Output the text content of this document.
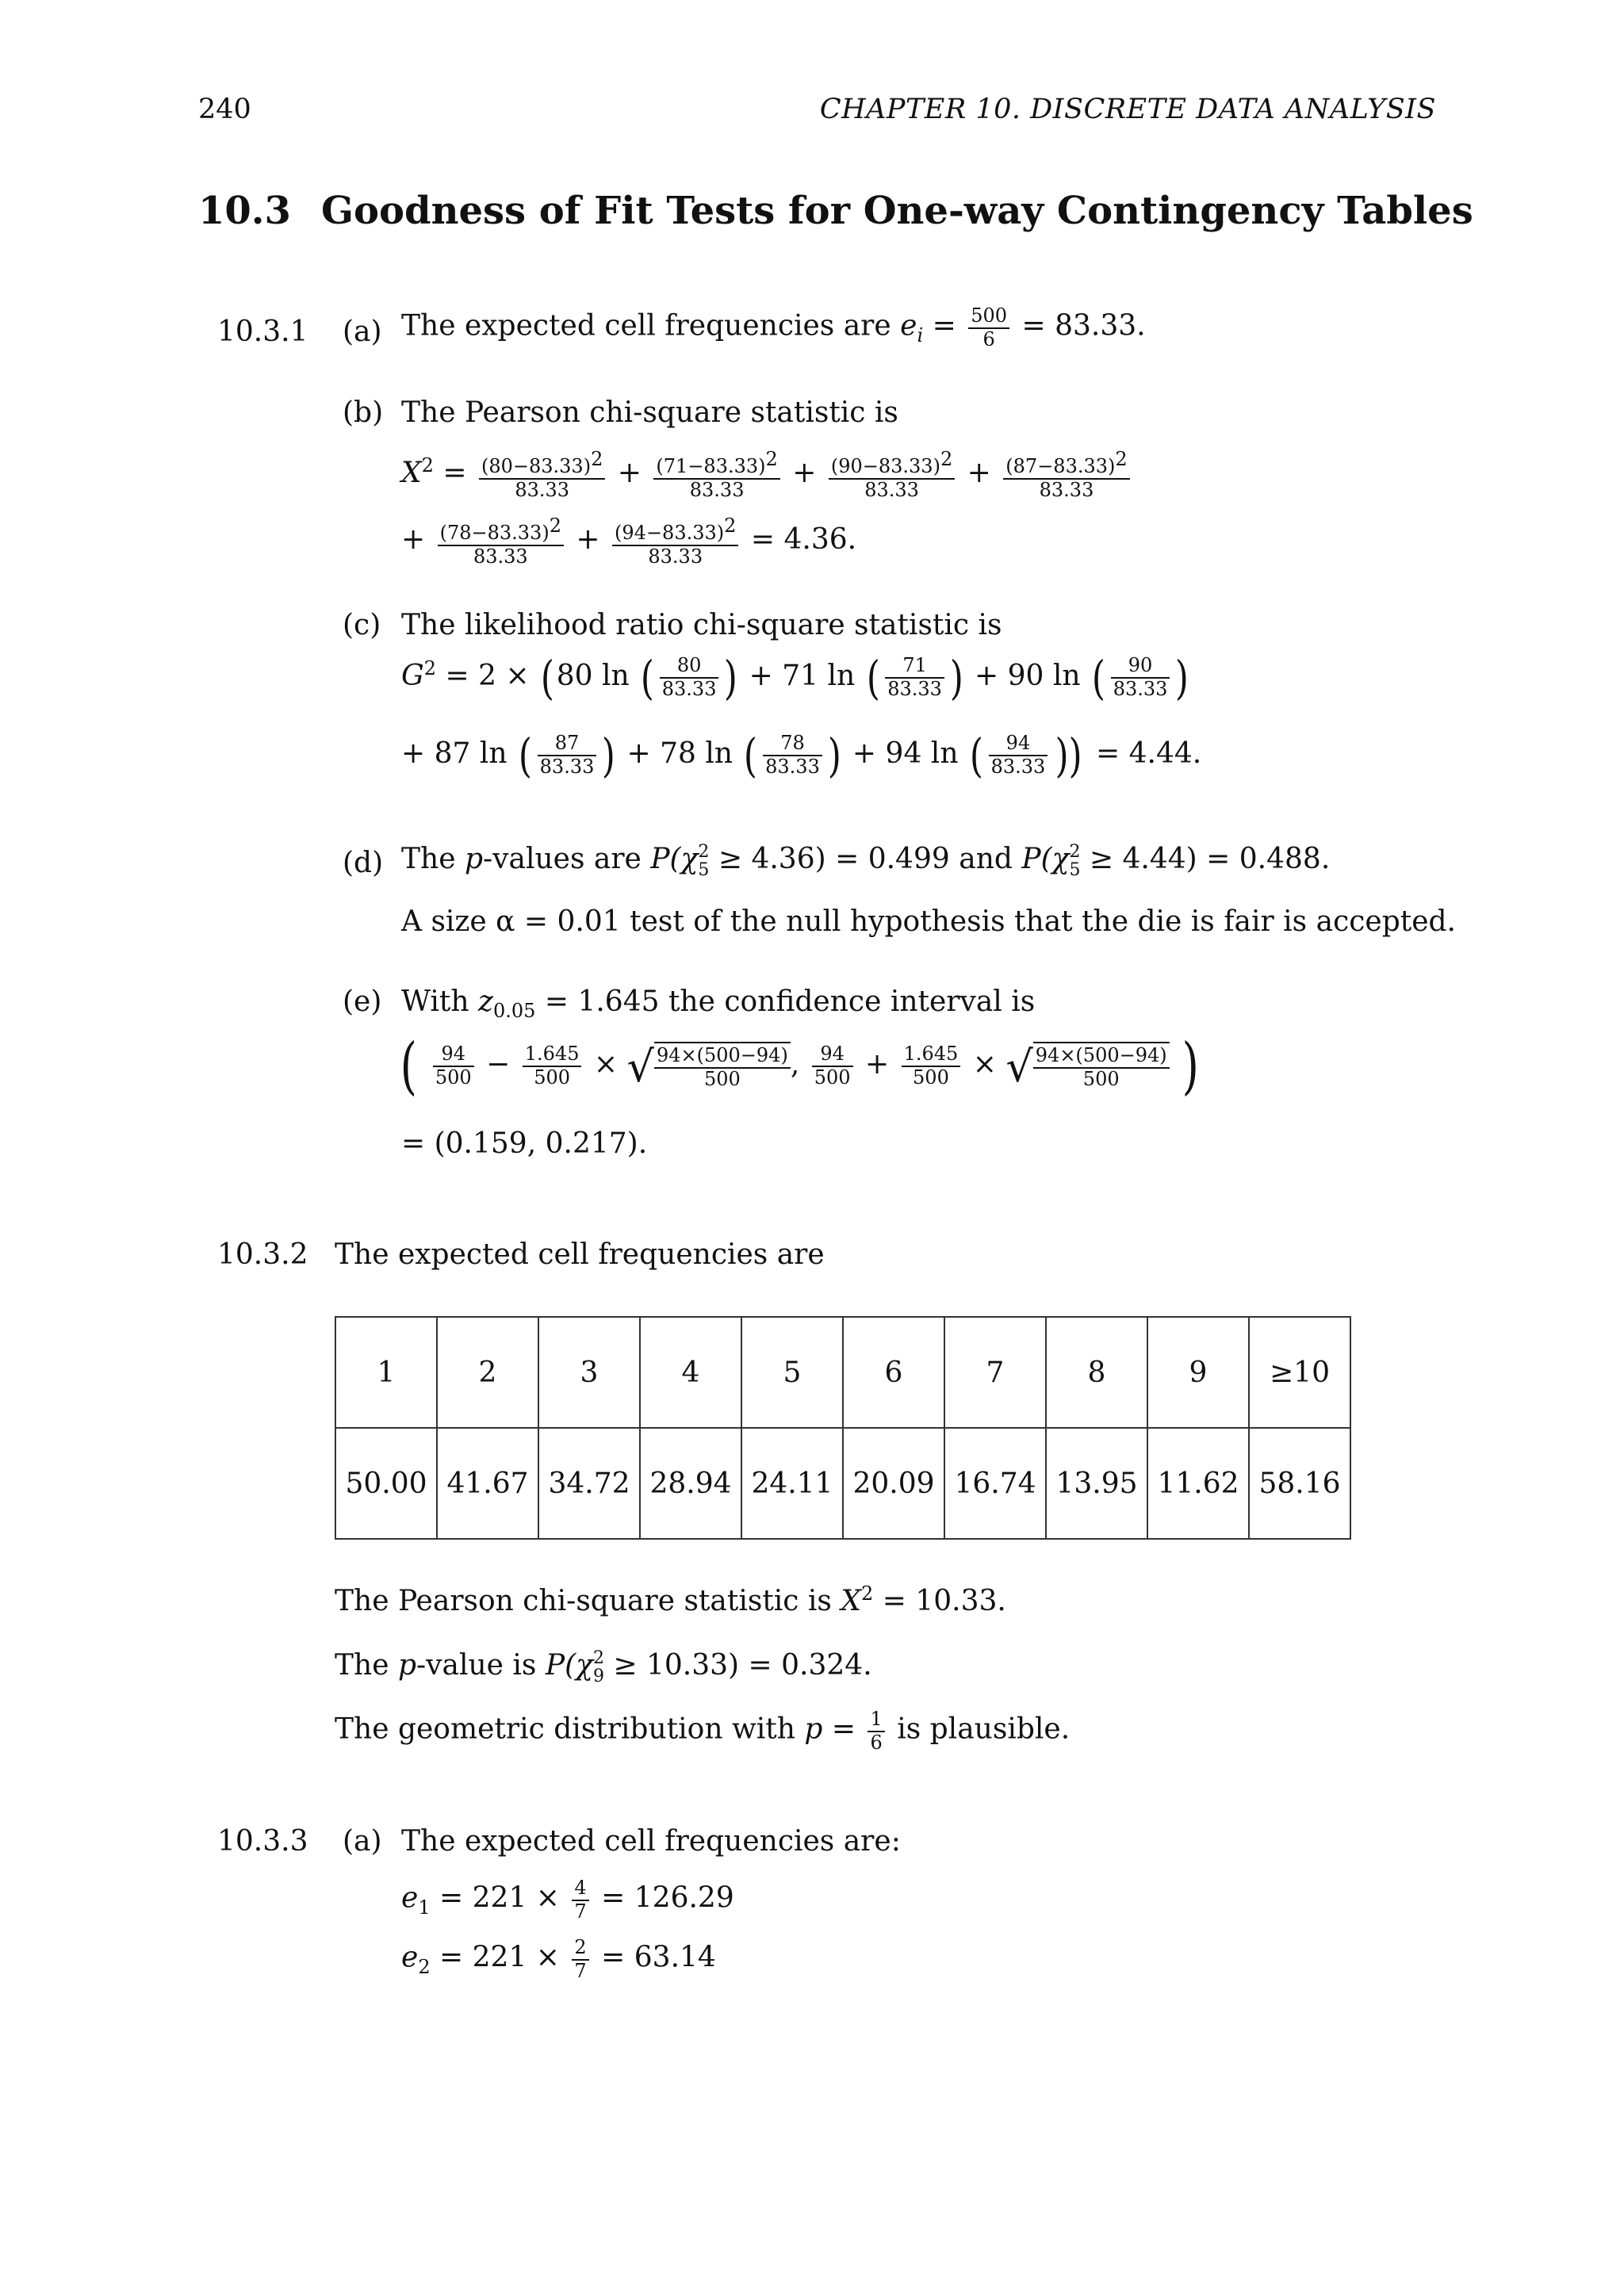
240	CHAPTER 10. DISCRETE DATA ANALYSIS
10.3 Goodness of Fit Tests for One-way Contingency Tables
10.3.1 (a) The expected cell frequencies are $e_i = \frac{500}{6} = 83.33$.
(b) The Pearson chi-square statistic is
$X^2 = \frac{(80-83.33)^2}{83.33} + \frac{(71-83.33)^2}{83.33} + \frac{(90-83.33)^2}{83.33} + \frac{(87-83.33)^2}{83.33}$
+ $\frac{(78-83.33)^2}{83.33} + \frac{(94-83.33)^2}{83.33} = 4.36$.
(c) The likelihood ratio chi-square statistic is
$G^2 = 2 \times (80$ ln ( $\frac{80}{83.33}$ ) + 71 ln ( $\frac{71}{83.33}$ ) + 90 ln ( $\frac{90}{83.33}$ )
+ 87 ln ( $\frac{87}{83.33}$ ) + 78 ln ( $\frac{78}{83.33}$ ) + 94 ln ( $\frac{94}{83.33}$ )) = 4.44.
(d) The p-values are P(χ 2
5 ≥ 4.36) = 0.499 and P(χ 2
5 ≥ 4.44) = 0.488.
A size α = 0.01 test of the null hypothesis that the die is fair is accepted.
(e) With $z_{0.05} = 1.645$ the confidence interval is
( $\frac{94}{500} - \frac{1.645}{500}$ × √ $\frac{94\times(500-94)}{500}$ , $\frac{94}{500} + \frac{1.645}{500}$ × √ $\frac{94\times(500-94)}{500}$ )
= (0.159, 0.217).
10.3.2 The expected cell frequencies are
1	2	3	4	5	6	7	8	9	≥10
50.00	41.67	34.72	28.94	24.11	20.09	16.74	13.95	11.62	58.16
The Pearson chi-square statistic is $X^2 = 10.33$.
The p-value is P(χ 2
9 ≥ 10.33) = 0.324.
The geometric distribution with $p = \frac{1}{6}$ is plausible.
10.3.3 (a) The expected cell frequencies are:
$e_1 = 221 \times \frac{4}{7} = 126.29$
$e_2 = 221 \times \frac{2}{7} = 63.14$
